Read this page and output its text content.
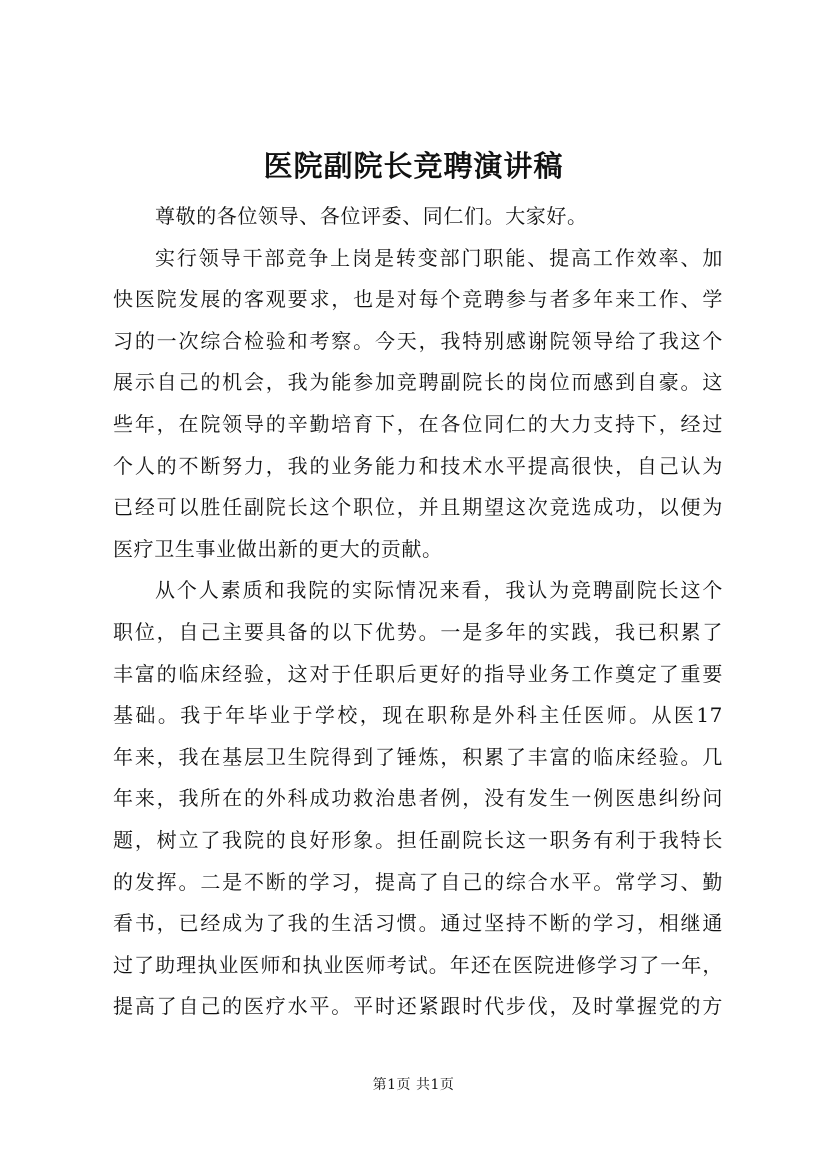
医院副院长竞聘演讲稿
尊敬的各位领导、各位评委、同仁们。大家好。
实行领导干部竞争上岗是转变部门职能、提高工作效率、加
快医院发展的客观要求，也是对每个竞聘参与者多年来工作、学
习的一次综合检验和考察。今天，我特别感谢院领导给了我这个
展示自己的机会，我为能参加竞聘副院长的岗位而感到自豪。这
些年，在院领导的辛勤培育下，在各位同仁的大力支持下，经过
个人的不断努力，我的业务能力和技术水平提高很快，自己认为
已经可以胜任副院长这个职位，并且期望这次竞选成功，以便为
医疗卫生事业做出新的更大的贡献。
从个人素质和我院的实际情况来看，我认为竞聘副院长这个
职位，自己主要具备的以下优势。一是多年的实践，我已积累了
丰富的临床经验，这对于任职后更好的指导业务工作奠定了重要
基础。我于年毕业于学校，现在职称是外科主任医师。从医17
年来，我在基层卫生院得到了锤炼，积累了丰富的临床经验。几
年来，我所在的外科成功救治患者例，没有发生一例医患纠纷问
题，树立了我院的良好形象。担任副院长这一职务有利于我特长
的发挥。二是不断的学习，提高了自己的综合水平。常学习、勤
看书，已经成为了我的生活习惯。通过坚持不断的学习，相继通
过了助理执业医师和执业医师考试。年还在医院进修学习了一年，
提高了自己的医疗水平。平时还紧跟时代步伐，及时掌握党的方
第1页 共1页
